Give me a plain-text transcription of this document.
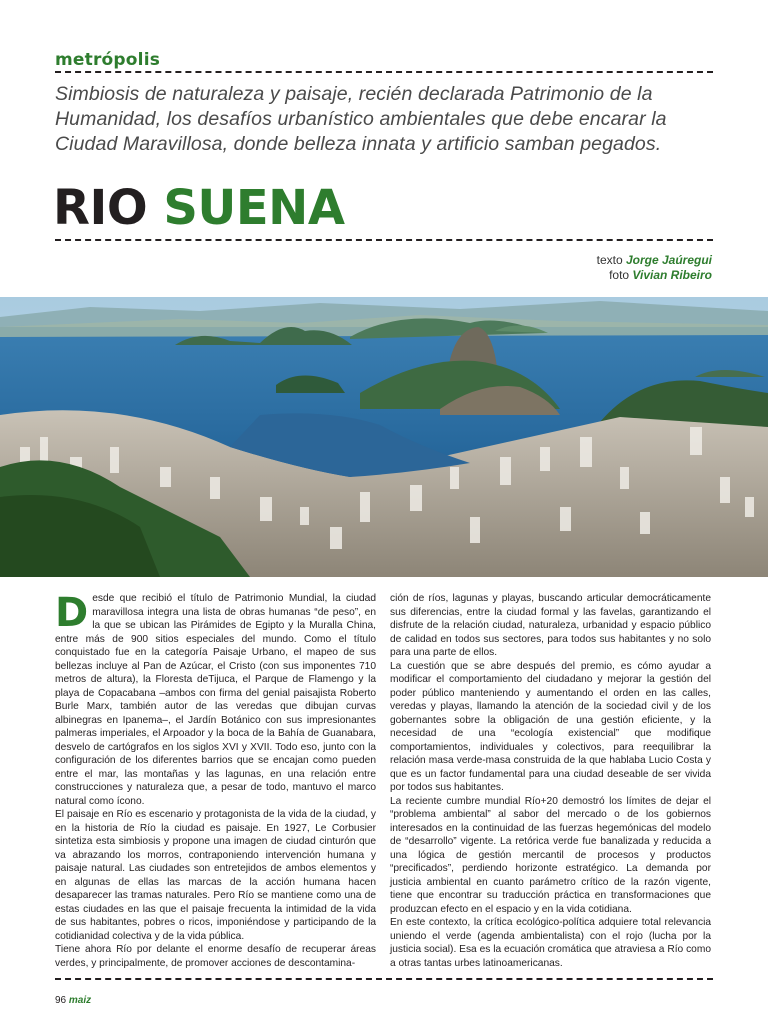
metrópolis
Simbiosis de naturaleza y paisaje, recién declarada Patrimonio de la Humanidad, los desafíos urbanístico ambientales que debe encarar la Ciudad Maravillosa, donde belleza innata y artificio samban pegados.
RIO SUENA
texto Jorge Jaúregui
foto Vivian Ribeiro

Desde que recibió el título de Patrimonio Mundial, la ciudad maravillosa integra una lista de obras humanas “de peso”, en la que se ubican las Pirámides de Egipto y la Muralla China, entre más de 900 sitios especiales del mundo. Como el título conquistado fue en la categoría Paisaje Urbano, el mapeo de sus bellezas incluye al Pan de Azúcar, el Cristo (con sus imponentes 710 metros de altura), la Floresta deTijuca, el Parque de Flamengo y la playa de Copacabana –ambos con firma del genial paisajista Roberto Burle Marx, también autor de las veredas que dibujan curvas albinegras en Ipanema–, el Jardín Botánico con sus impresionantes palmeras imperiales, el Arpoador y la boca de la Bahía de Guanabara, desvelo de cartógrafos en los siglos XVI y XVII. Todo eso, junto con la configuración de los diferentes barrios que se encajan como pueden entre el mar, las montañas y las lagunas, en una relación entre construcciones y naturaleza que, a pesar de todo, mantuvo el marco natural como ícono.

El paisaje en Río es escenario y protagonista de la vida de la ciudad, y en la historia de Río la ciudad es paisaje. En 1927, Le Corbusier sintetiza esta simbiosis y propone una imagen de ciudad cinturón que va abrazando los morros, contraponiendo intervención humana y paisaje natural. Las ciudades son entretejidos de ambos elementos y en algunas de ellas las marcas de la acción humana hacen desaparecer las tramas naturales. Pero Río se mantiene como una de estas ciudades en las que el paisaje frecuenta la intimidad de la vida de sus habitantes, pobres o ricos, imponiéndose y participando de la cotidianidad colectiva y de la vida pública.

Tiene ahora Río por delante el enorme desafío de recuperar áreas verdes, y principalmente, de promover acciones de descontamina-

ción de ríos, lagunas y playas, buscando articular democráticamente sus diferencias, entre la ciudad formal y las favelas, garantizando el disfrute de la relación ciudad, naturaleza, urbanidad y espacio público de calidad en todos sus sectores, para todos sus habitantes y no solo para una parte de ellos.

La cuestión que se abre después del premio, es cómo ayudar a modificar el comportamiento del ciudadano y mejorar la gestión del poder público manteniendo y aumentando el orden en las calles, veredas y playas, llamando la atención de la sociedad civil y de los gobernantes sobre la obligación de una gestión eficiente, y la necesidad de una “ecología existencial” que modifique comportamientos, individuales y colectivos, para reequilibrar la relación masa verde-masa construida de la que hablaba Lucio Costa y que es un factor fundamental para una ciudad deseable de ser vivida por todos sus habitantes.

La reciente cumbre mundial Río+20 demostró los límites de dejar el “problema ambiental” al sabor del mercado o de los gobiernos interesados en la continuidad de las fuerzas hegemónicas del modelo de “desarrollo” vigente. La retórica verde fue banalizada y reducida a una lógica de gestión mercantil de procesos y productos “precificados”, perdiendo horizonte estratégico. La demanda por justicia ambiental en cuanto parámetro crítico de la razón vigente, tiene que encontrar su traducción práctica en transformaciones que produzcan efecto en el espacio y en la vida cotidiana.

En este contexto, la crítica ecológico-política adquiere total relevancia uniendo el verde (agenda ambientalista) con el rojo (lucha por la justicia social). Esa es la ecuación cromática que atraviesa a Río como a otras tantas urbes latinoamericanas.

96 maiz
